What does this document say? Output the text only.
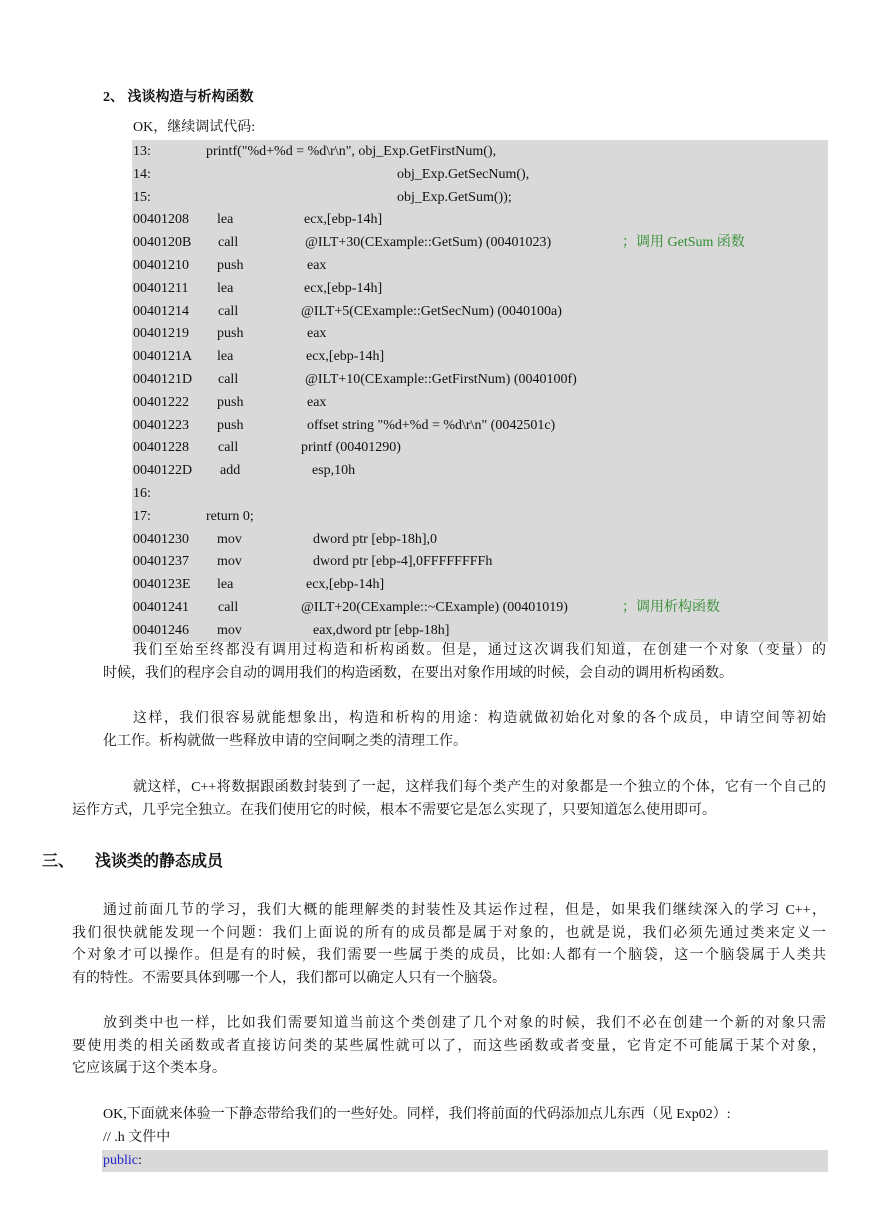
2、 浅谈构造与析构函数
OK，继续调试代码:
13:	printf("%d+%d = %d\r\n", obj_Exp.GetFirstNum(),
14:	obj_Exp.GetSecNum(),
15:	obj_Exp.GetSum());
00401208 lea	ecx,[ebp-14h]
0040120B call	@ILT+30(CExample::GetSum) (00401023)	；调用 GetSum 函数
00401210 push	eax
00401211 lea	ecx,[ebp-14h]
00401214 call	@ILT+5(CExample::GetSecNum) (0040100a)
00401219 push	eax
0040121A lea	ecx,[ebp-14h]
0040121D call	@ILT+10(CExample::GetFirstNum) (0040100f)
00401222 push	eax
00401223 push	offset string "%d+%d = %d\r\n" (0042501c)
00401228 call	printf (00401290)
0040122D add	esp,10h
16:
17:	return 0;
00401230 mov	dword ptr [ebp-18h],0
00401237 mov	dword ptr [ebp-4],0FFFFFFFFh
0040123E lea	ecx,[ebp-14h]
00401241 call	@ILT+20(CExample::~CExample) (00401019)	；调用析构函数
00401246 mov	eax,dword ptr [ebp-18h]
我们至始至终都没有调用过构造和析构函数。但是，通过这次调我们知道，在创建一个对象（变量）的
时候，我们的程序会自动的调用我们的构造函数，在要出对象作用域的时候，会自动的调用析构函数。
这样，我们很容易就能想象出，构造和析构的用途：构造就做初始化对象的各个成员，申请空间等初始
化工作。析构就做一些释放申请的空间啊之类的清理工作。
就这样，C++将数据跟函数封装到了一起，这样我们每个类产生的对象都是一个独立的个体，它有一个自己的
运作方式，几乎完全独立。在我们使用它的时候，根本不需要它是怎么实现了，只要知道怎么使用即可。
三、 浅谈类的静态成员
通过前面几节的学习，我们大概的能理解类的封装性及其运作过程，但是，如果我们继续深入的学习 C++，
我们很快就能发现一个问题：我们上面说的所有的成员都是属于对象的，也就是说，我们必须先通过类来定义一
个对象才可以操作。但是有的时候，我们需要一些属于类的成员，比如:人都有一个脑袋，这一个脑袋属于人类共
有的特性。不需要具体到哪一个人，我们都可以确定人只有一个脑袋。
放到类中也一样，比如我们需要知道当前这个类创建了几个对象的时候，我们不必在创建一个新的对象只需
要使用类的相关函数或者直接访问类的某些属性就可以了，而这些函数或者变量，它肯定不可能属于某个对象，
它应该属于这个类本身。
OK,下面就来体验一下静态带给我们的一些好处。同样，我们将前面的代码添加点儿东西（见 Exp02）:
// .h 文件中
public:
